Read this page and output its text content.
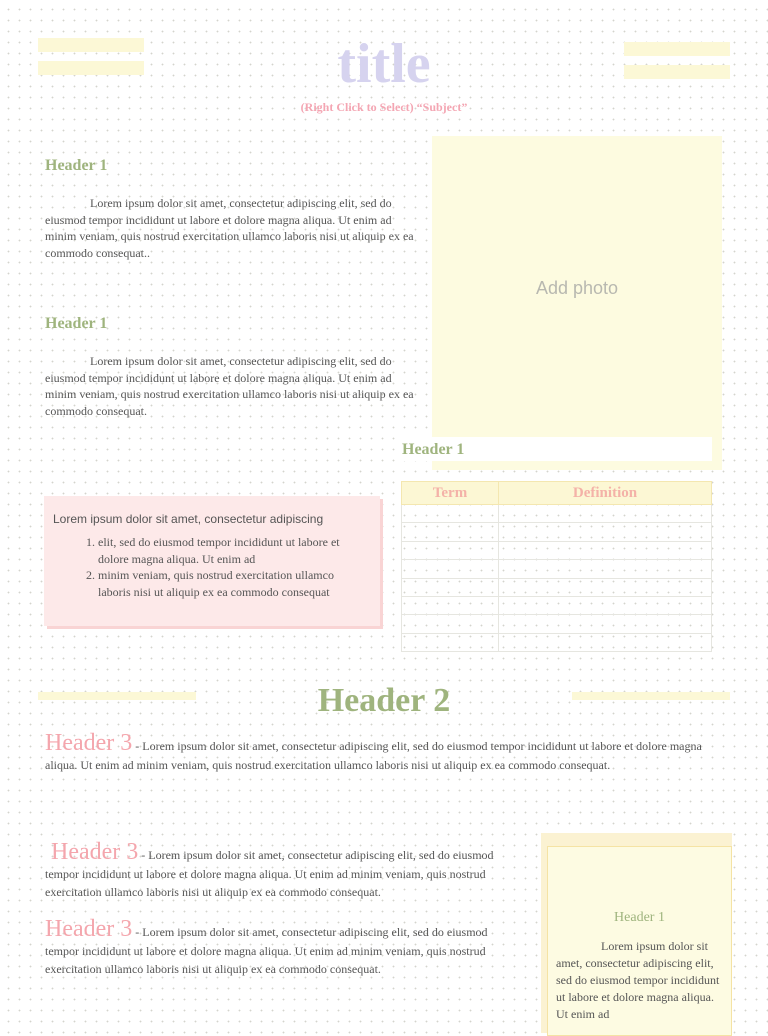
title
(Right Click to Select) “Subject”
Header 1

Lorem ipsum dolor sit amet, consectetur adipiscing elit, sed do eiusmod tempor incididunt ut labore et dolore magna aliqua. Ut enim ad minim veniam, quis nostrud exercitation ullamco laboris nisi ut aliquip ex ea commodo consequat..

Header 1

Lorem ipsum dolor sit amet, consectetur adipiscing elit, sed do eiusmod tempor incididunt ut labore et dolore magna aliqua. Ut enim ad minim veniam, quis nostrud exercitation ullamco laboris nisi ut aliquip ex ea commodo consequat.

Add photo
Header 1
Term	Definition

Lorem ipsum dolor sit amet, consectetur adipiscing

1. elit, sed do eiusmod tempor incididunt ut labore et dolore magna aliqua. Ut enim ad
2. minim veniam, quis nostrud exercitation ullamco laboris nisi ut aliquip ex ea commodo consequat
Header 2

Header 3 - Lorem ipsum dolor sit amet, consectetur adipiscing elit, sed do eiusmod tempor incididunt ut labore et dolore magna aliqua. Ut enim ad minim veniam, quis nostrud exercitation ullamco laboris nisi ut aliquip ex ea commodo consequat.

Header 3 - Lorem ipsum dolor sit amet, consectetur adipiscing elit, sed do eiusmod tempor incididunt ut labore et dolore magna aliqua. Ut enim ad minim veniam, quis nostrud exercitation ullamco laboris nisi ut aliquip ex ea commodo consequat.

Header 3 - Lorem ipsum dolor sit amet, consectetur adipiscing elit, sed do eiusmod tempor incididunt ut labore et dolore magna aliqua. Ut enim ad minim veniam, quis nostrud exercitation ullamco laboris nisi ut aliquip ex ea commodo consequat.

Header 1

Lorem ipsum dolor sit amet, consectetur adipiscing elit, sed do eiusmod tempor incididunt ut labore et dolore magna aliqua. Ut enim ad
